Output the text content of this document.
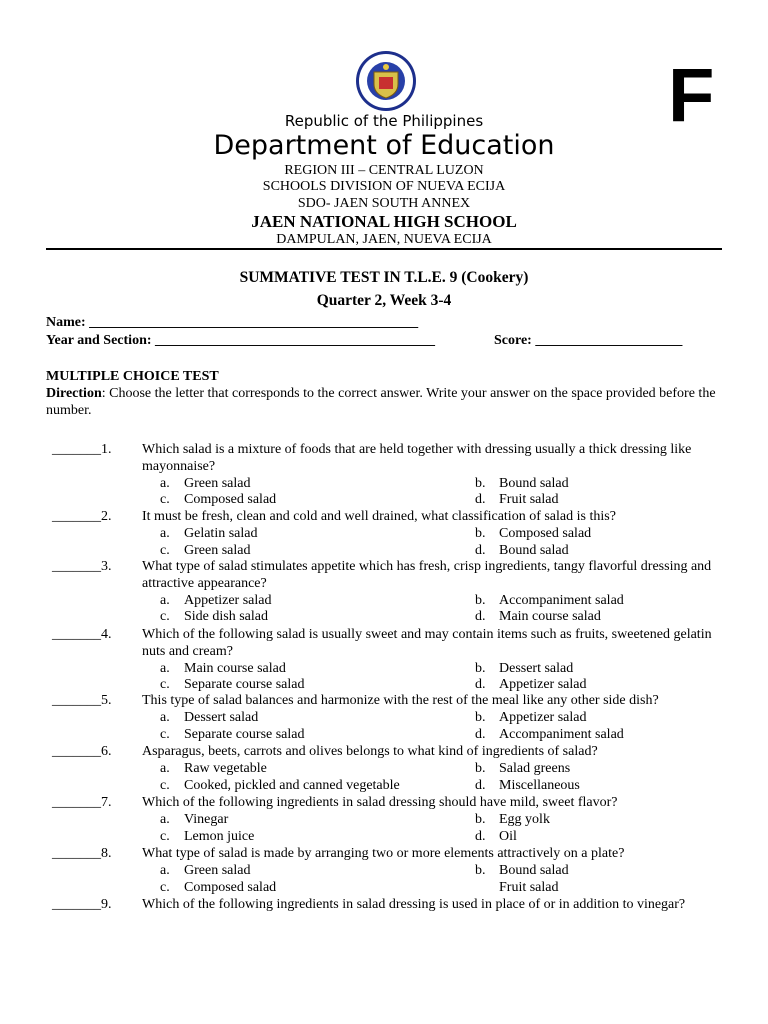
F
Republic of the Philippines
Department of Education
REGION III – CENTRAL LUZON
SCHOOLS DIVISION OF NUEVA ECIJA
SDO- JAEN SOUTH ANNEX
JAEN NATIONAL HIGH SCHOOL
DAMPULAN, JAEN, NUEVA ECIJA
SUMMATIVE TEST IN T.L.E. 9 (Cookery)
Quarter 2, Week 3-4
Name: _______________________________________________
Year and Section: ________________________________________	Score: _____________________
MULTIPLE CHOICE TEST
Direction: Choose the letter that corresponds to the correct answer. Write your answer on the space provided before the number.
_______1.	Which salad is a mixture of foods that are held together with dressing usually a thick dressing like mayonnaise?
a. Green salad	b. Bound salad
c. Composed salad	d. Fruit salad
_______2.	It must be fresh, clean and cold and well drained, what classification of salad is this?
a. Gelatin salad	b. Composed salad
c. Green salad	d. Bound salad
_______3.	What type of salad stimulates appetite which has fresh, crisp ingredients, tangy flavorful dressing and attractive appearance?
a. Appetizer salad	b. Accompaniment salad
c. Side dish salad	d. Main course salad
_______4.	Which of the following salad is usually sweet and may contain items such as fruits, sweetened gelatin nuts and cream?
a. Main course salad	b. Dessert salad
c. Separate course salad	d. Appetizer salad
_______5.	This type of salad balances and harmonize with the rest of the meal like any other side dish?
a. Dessert salad	b. Appetizer salad
c. Separate course salad	d. Accompaniment salad
_______6.	Asparagus, beets, carrots and olives belongs to what kind of ingredients of salad?
a. Raw vegetable	b. Salad greens
c. Cooked, pickled and canned vegetable	d. Miscellaneous
_______7.	Which of the following ingredients in salad dressing should have mild, sweet flavor?
a. Vinegar	b. Egg yolk
c. Lemon juice	d. Oil
_______8.	What type of salad is made by arranging two or more elements attractively on a plate?
a. Green salad	b. Bound salad
c. Composed salad	Fruit salad
_______9.	Which of the following ingredients in salad dressing is used in place of or in addition to vinegar?
